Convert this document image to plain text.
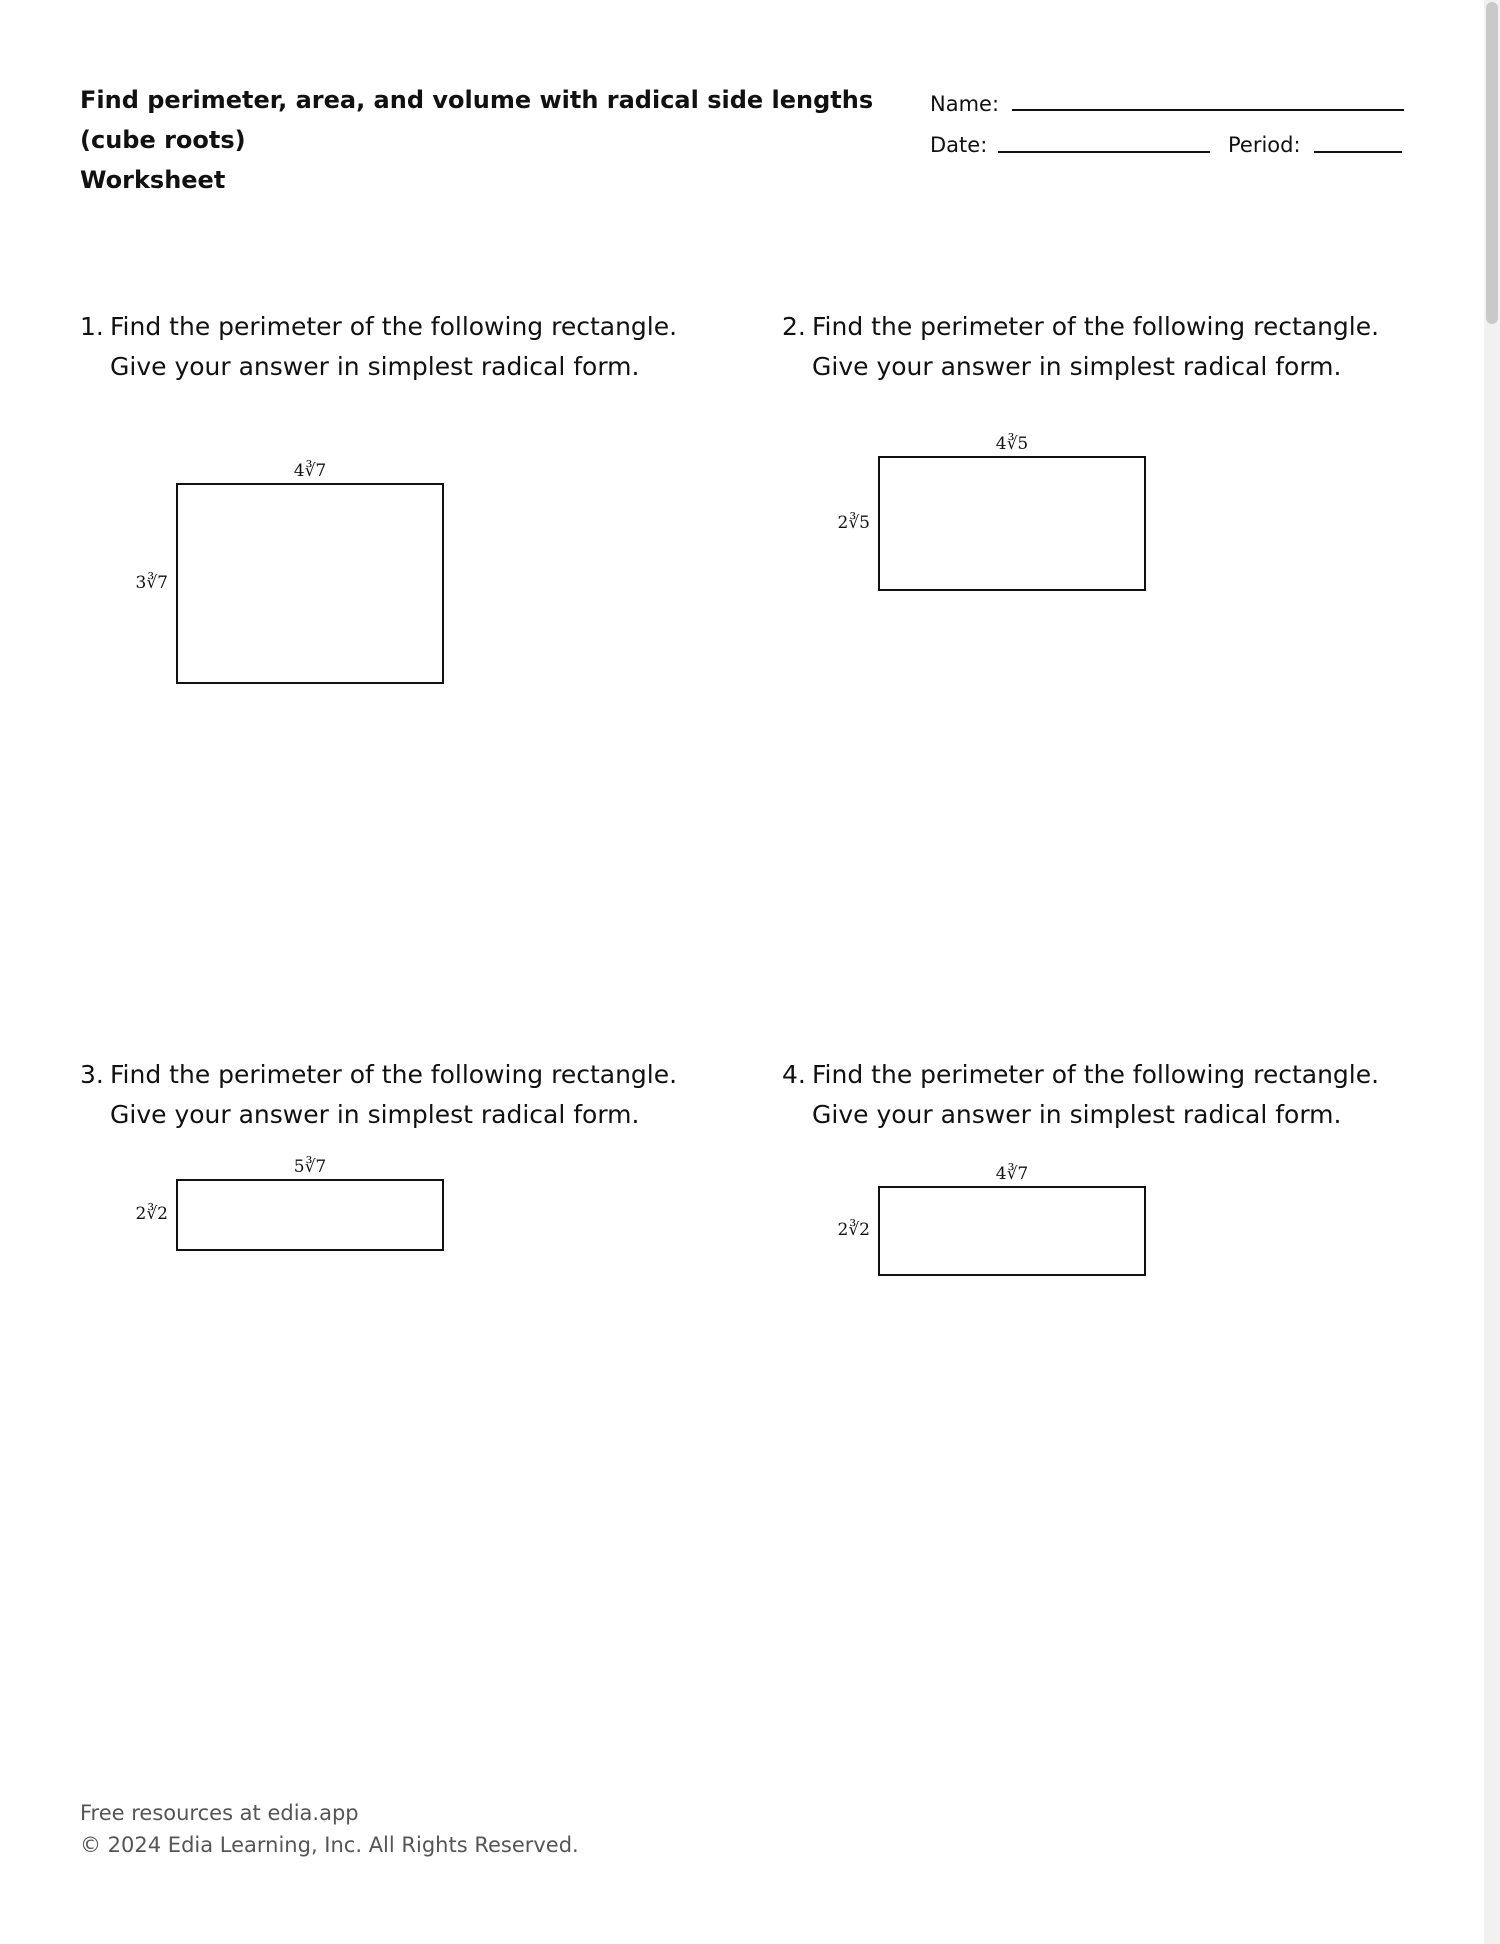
Find perimeter, area, and volume with radical side lengths
(cube roots)
Worksheet
Name:
Date:	Period:
1. Find the perimeter of the following rectangle.
Give your answer in simplest radical form.
4∛7
3∛7
2. Find the perimeter of the following rectangle.
Give your answer in simplest radical form.
4∛5
2∛5
3. Find the perimeter of the following rectangle.
Give your answer in simplest radical form.
5∛7
2∛2
4. Find the perimeter of the following rectangle.
Give your answer in simplest radical form.
4∛7
2∛2
Free resources at edia.app
© 2024 Edia Learning, Inc. All Rights Reserved.
